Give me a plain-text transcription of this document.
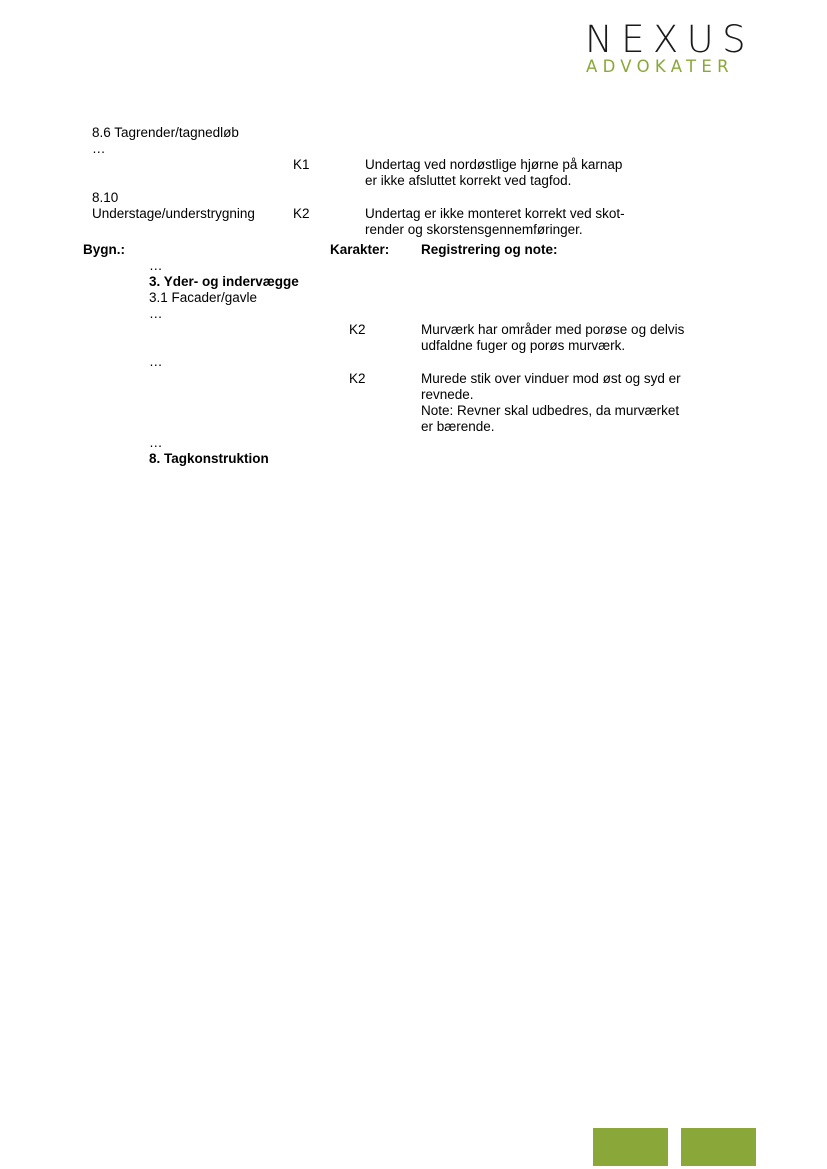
NEXUS
ADVOKATER
8.6 Tagrender/tagnedløb
…
K1	Undertag ved nordøstlige hjørne på karnap
er ikke afsluttet korrekt ved tagfod.
8.10
Understage/understrygning	K2	Undertag er ikke monteret korrekt ved skot-
render og skorstensgennemføringer.
Bygn.:	Karakter: Registrering og note:
…
3. Yder- og indervægge
3.1 Facader/gavle
…
K2	Murværk har områder med porøse og delvis
udfaldne fuger og porøs murværk.
…
K2	Murede stik over vinduer mod øst og syd er
revnede.
Note: Revner skal udbedres, da murværket
er bærende.
…
8. Tagkonstruktion
